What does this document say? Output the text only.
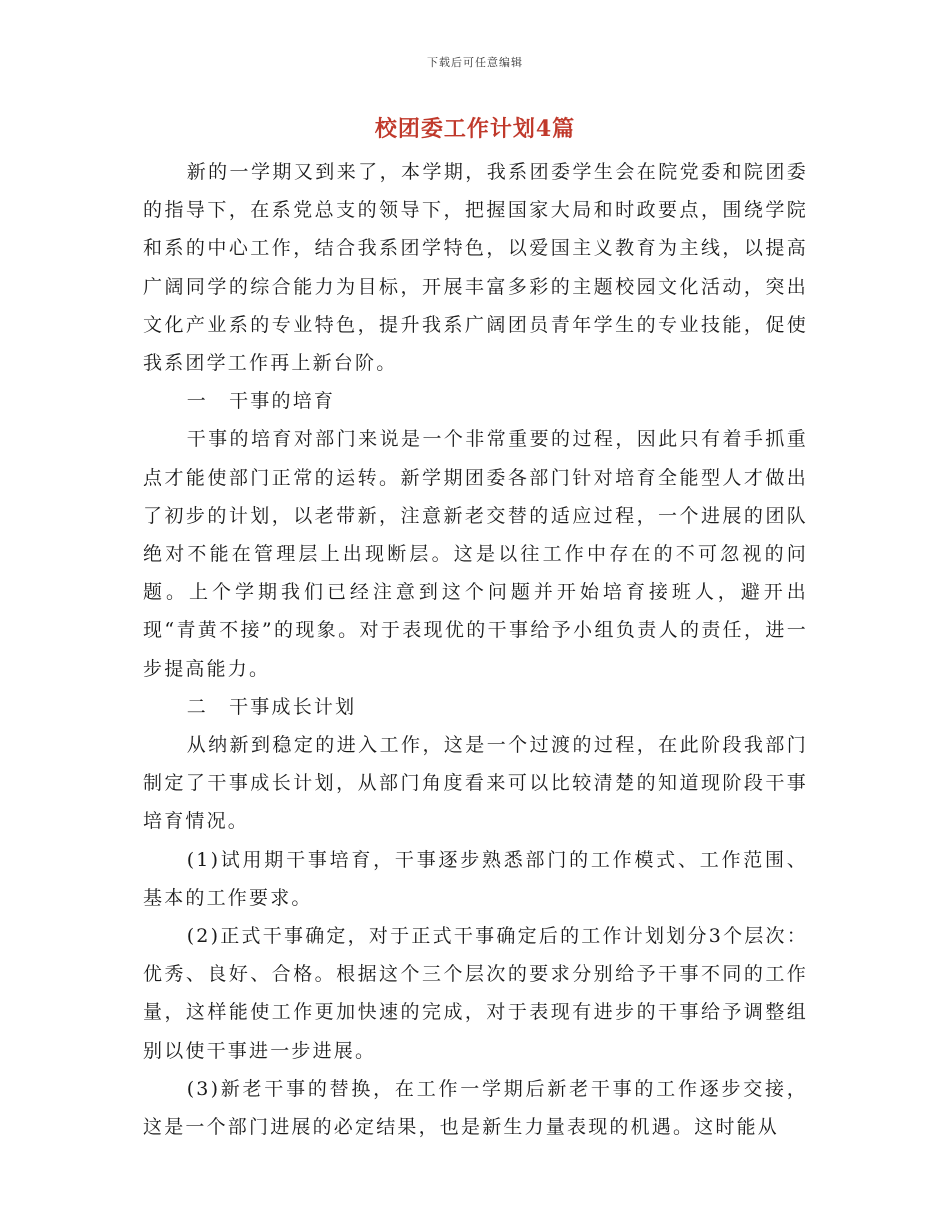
下载后可任意编辑
校团委工作计划4篇

新的一学期又到来了，本学期，我系团委学生会在院党委和院团委的指导下，在系党总支的领导下，把握国家大局和时政要点，围绕学院和系的中心工作，结合我系团学特色，以爱国主义教育为主线，以提高广阔同学的综合能力为目标，开展丰富多彩的主题校园文化活动，突出文化产业系的专业特色，提升我系广阔团员青年学生的专业技能，促使我系团学工作再上新台阶。

一　干事的培育

干事的培育对部门来说是一个非常重要的过程，因此只有着手抓重点才能使部门正常的运转。新学期团委各部门针对培育全能型人才做出了初步的计划，以老带新，注意新老交替的适应过程，一个进展的团队绝对不能在管理层上出现断层。这是以往工作中存在的不可忽视的问题。上个学期我们已经注意到这个问题并开始培育接班人，避开出现“青黄不接”的现象。对于表现优的干事给予小组负责人的责任，进一步提高能力。

二　干事成长计划

从纳新到稳定的进入工作，这是一个过渡的过程，在此阶段我部门制定了干事成长计划，从部门角度看来可以比较清楚的知道现阶段干事培育情况。

(1)试用期干事培育，干事逐步熟悉部门的工作模式、工作范围、基本的工作要求。

(2)正式干事确定，对于正式干事确定后的工作计划划分3个层次：优秀、良好、合格。根据这个三个层次的要求分别给予干事不同的工作量，这样能使工作更加快速的完成，对于表现有进步的干事给予调整组别以使干事进一步进展。

(3)新老干事的替换，在工作一学期后新老干事的工作逐步交接，这是一个部门进展的必定结果，也是新生力量表现的机遇。这时能从
